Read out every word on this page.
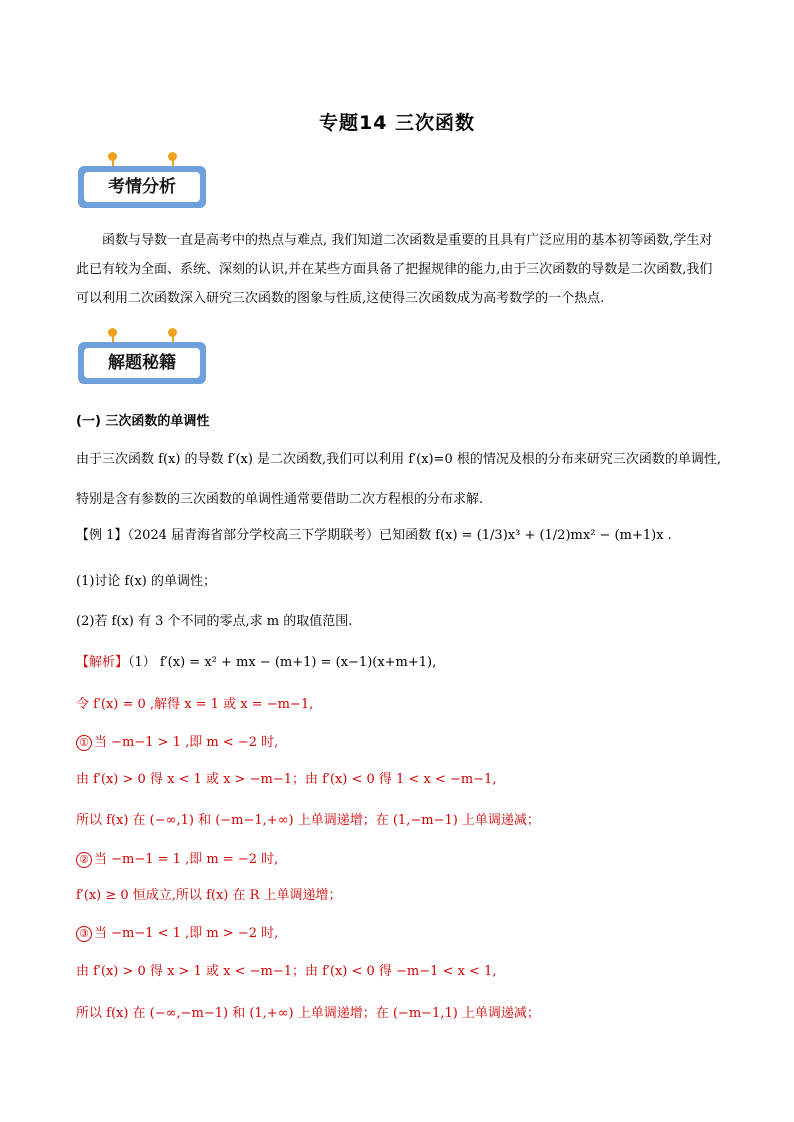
专题14 三次函数
考情分析
函数与导数一直是高考中的热点与难点, 我们知道二次函数是重要的且具有广泛应用的基本初等函数,学生对此已有较为全面、系统、深刻的认识,并在某些方面具备了把握规律的能力,由于三次函数的导数是二次函数,我们可以利用二次函数深入研究三次函数的图象与性质,这使得三次函数成为高考数学的一个热点.
解题秘籍
(一) 三次函数的单调性
由于三次函数 f(x) 的导数 f′(x) 是二次函数,我们可以利用 f′(x)=0 根的情况及根的分布来研究三次函数的单调性,特别是含有参数的三次函数的单调性通常要借助二次方程根的分布求解.
【例 1】（2024 届青海省部分学校高三下学期联考）已知函数 f(x) = (1/3)x³ + (1/2)mx² − (m+1)x .
(1)讨论 f(x) 的单调性；
(2)若 f(x) 有 3 个不同的零点,求 m 的取值范围.
【解析】（1） f′(x) = x² + mx − (m+1) = (x−1)(x+m+1),
令 f′(x) = 0 ,解得 x = 1 或 x = −m−1,
① 当 −m−1 > 1 ,即 m < −2 时,
由 f′(x) > 0 得 x < 1 或 x > −m−1；由 f′(x) < 0 得 1 < x < −m−1,
所以 f(x) 在 (−∞,1) 和 (−m−1,+∞) 上单调递增；在 (1,−m−1) 上单调递减；
② 当 −m−1 = 1 ,即 m = −2 时,
f′(x) ≥ 0 恒成立,所以 f(x) 在 R 上单调递增；
③ 当 −m−1 < 1 ,即 m > −2 时,
由 f′(x) > 0 得 x > 1 或 x < −m−1；由 f′(x) < 0 得 −m−1 < x < 1,
所以 f(x) 在 (−∞,−m−1) 和 (1,+∞) 上单调递增；在 (−m−1,1) 上单调递减；
